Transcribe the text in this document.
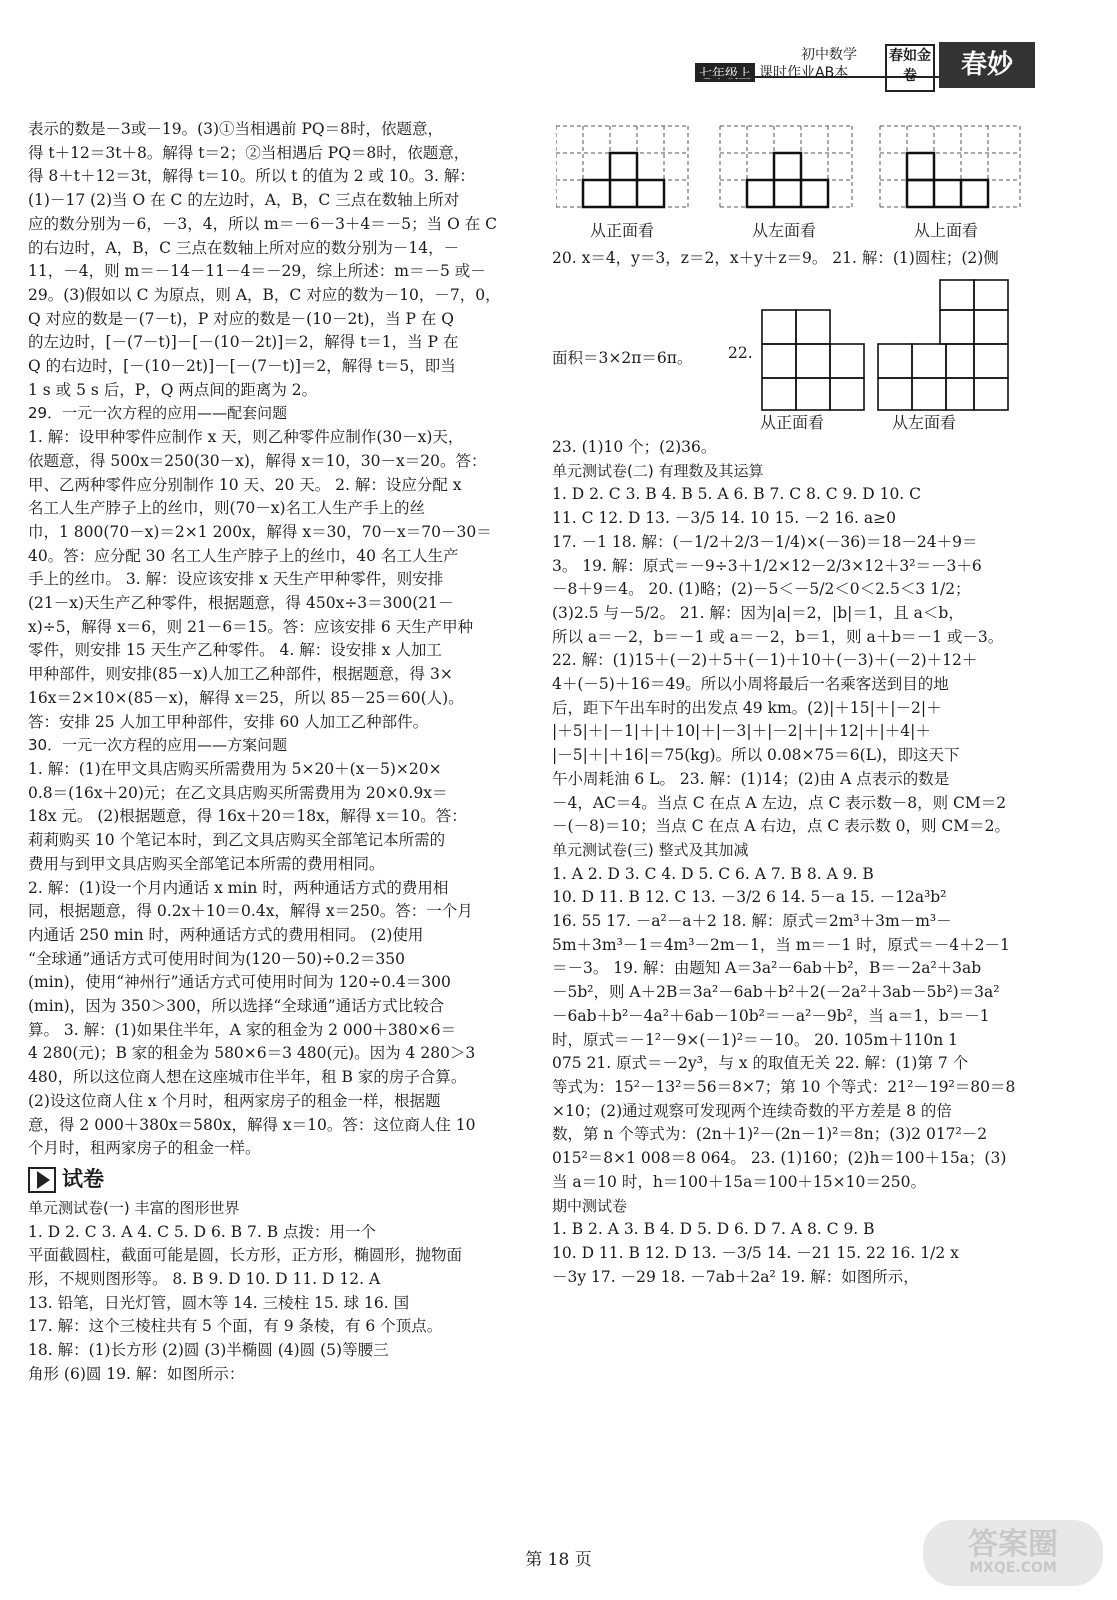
初中数学
七年级上 课时作业AB本
春如金卷	春妙

表示的数是－3或－19。(3)①当相遇前 PQ＝8时，依题意，

得 t＋12＝3t＋8。解得 t＝2；②当相遇后 PQ＝8时，依题意，

得 8＋t＋12＝3t，解得 t＝10。所以 t 的值为 2 或 10。3. 解：

(1)－17 (2)当 O 在 C 的左边时，A，B，C 三点在数轴上所对

应的数分别为－6，－3，4，所以 m＝－6－3＋4＝－5；当 O 在 C

的右边时，A，B，C 三点在数轴上所对应的数分别为－14，－

11，－4，则 m＝－14－11－4＝－29，综上所述：m＝－5 或－

29。(3)假如以 C 为原点，则 A，B，C 对应的数为－10，－7，0，

Q 对应的数是－(7－t)，P 对应的数是－(10－2t)，当 P 在 Q

的左边时，[－(7－t)]－[－(10－2t)]＝2，解得 t＝1，当 P 在

Q 的右边时，[－(10－2t)]－[－(7－t)]＝2，解得 t＝5，即当

1 s 或 5 s 后，P，Q 两点间的距离为 2。

29．一元一次方程的应用——配套问题

1. 解：设甲种零件应制作 x 天，则乙种零件应制作(30－x)天，

依题意，得 500x＝250(30－x)，解得 x＝10，30－x＝20。答：

甲、乙两种零件应分别制作 10 天、20 天。 2. 解：设应分配 x

名工人生产脖子上的丝巾，则(70－x)名工人生产手上的丝

巾，1 800(70－x)＝2×1 200x，解得 x＝30，70－x＝70－30＝

40。答：应分配 30 名工人生产脖子上的丝巾，40 名工人生产

手上的丝巾。 3. 解：设应该安排 x 天生产甲种零件，则安排

(21－x)天生产乙种零件，根据题意，得 450x÷3＝300(21－

x)÷5，解得 x＝6，则 21－6＝15。答：应该安排 6 天生产甲种

零件，则安排 15 天生产乙种零件。 4. 解：设安排 x 人加工

甲种部件，则安排(85－x)人加工乙种部件，根据题意，得 3×

16x＝2×10×(85－x)，解得 x＝25，所以 85－25＝60(人)。

答：安排 25 人加工甲种部件，安排 60 人加工乙种部件。

30．一元一次方程的应用——方案问题

1. 解：(1)在甲文具店购买所需费用为 5×20＋(x－5)×20×

0.8＝(16x＋20)元；在乙文具店购买所需费用为 20×0.9x＝

18x 元。 (2)根据题意，得 16x＋20＝18x，解得 x＝10。答：

莉莉购买 10 个笔记本时，到乙文具店购买全部笔记本所需的

费用与到甲文具店购买全部笔记本所需的费用相同。

2. 解：(1)设一个月内通话 x min 时，两种通话方式的费用相

同，根据题意，得 0.2x＋10＝0.4x，解得 x＝250。答：一个月

内通话 250 min 时，两种通话方式的费用相同。 (2)使用

“全球通”通话方式可使用时间为(120－50)÷0.2＝350

(min)，使用“神州行”通话方式可使用时间为 120÷0.4＝300

(min)，因为 350＞300，所以选择“全球通”通话方式比较合

算。 3. 解：(1)如果住半年，A 家的租金为 2 000＋380×6＝

4 280(元)；B 家的租金为 580×6＝3 480(元)。因为 4 280＞3

480，所以这位商人想在这座城市住半年，租 B 家的房子合算。

(2)设这位商人住 x 个月时，租两家房子的租金一样，根据题

意，得 2 000＋380x＝580x，解得 x＝10。答：这位商人住 10

个月时，租两家房子的租金一样。

试卷

单元测试卷(一) 丰富的图形世界

1. D 2. C 3. A 4. C 5. D 6. B 7. B 点拨：用一个

平面截圆柱，截面可能是圆，长方形，正方形，椭圆形，抛物面

形，不规则图形等。 8. B 9. D 10. D 11. D 12. A

13. 铅笔，日光灯管，圆木等 14. 三棱柱 15. 球 16. 国

17. 解：这个三棱柱共有 5 个面，有 9 条棱，有 6 个顶点。

18. 解：(1)长方形 (2)圆 (3)半椭圆 (4)圆 (5)等腰三

角形 (6)圆 19. 解：如图所示：

从正面看	从左面看	从上面看
20. x＝4，y＝3，z＝2，x＋y＋z＝9。 21. 解：(1)圆柱；(2)侧
面积＝3×2π＝6π。 22.
从正面看	从左面看

23. (1)10 个；(2)36。

单元测试卷(二) 有理数及其运算

1. D 2. C 3. B 4. B 5. A 6. B 7. C 8. C 9. D 10. C

11. C 12. D 13. －3/5 14. 10 15. －2 16. a≥0

17. －1 18. 解：(－1/2＋2/3－1/4)×(－36)＝18－24＋9＝

3。 19. 解：原式＝－9÷3＋1/2×12－2/3×12＋3²＝－3＋6

－8＋9＝4。 20. (1)略；(2)－5＜－5/2＜0＜2.5＜3 1/2；

(3)2.5 与－5/2。 21. 解：因为|a|＝2，|b|＝1，且 a＜b，

所以 a＝－2，b＝－1 或 a＝－2，b＝1，则 a＋b＝－1 或－3。

22. 解：(1)15＋(－2)＋5＋(－1)＋10＋(－3)＋(－2)＋12＋

4＋(－5)＋16＝49。所以小周将最后一名乘客送到目的地

后，距下午出车时的出发点 49 km。(2)|＋15|＋|－2|＋

|＋5|＋|－1|＋|＋10|＋|－3|＋|－2|＋|＋12|＋|＋4|＋

|－5|＋|＋16|＝75(kg)。所以 0.08×75＝6(L)，即这天下

午小周耗油 6 L。 23. 解：(1)14；(2)由 A 点表示的数是

－4，AC＝4。当点 C 在点 A 左边，点 C 表示数－8，则 CM＝2

－(－8)＝10；当点 C 在点 A 右边，点 C 表示数 0，则 CM＝2。

单元测试卷(三) 整式及其加减

1. A 2. D 3. C 4. D 5. C 6. A 7. B 8. A 9. B

10. D 11. B 12. C 13. －3/2 6 14. 5－a 15. －12a³b²

16. 55 17. －a²－a＋2 18. 解：原式＝2m³＋3m－m³－

5m＋3m³－1＝4m³－2m－1，当 m＝－1 时，原式＝－4＋2－1

＝－3。 19. 解：由题知 A＝3a²－6ab＋b²，B＝－2a²＋3ab

－5b²，则 A＋2B＝3a²－6ab＋b²＋2(－2a²＋3ab－5b²)＝3a²

－6ab＋b²－4a²＋6ab－10b²＝－a²－9b²，当 a＝1，b＝－1

时，原式＝－1²－9×(－1)²＝－10。 20. 105m＋110n 1

075 21. 原式＝－2y³，与 x 的取值无关 22. 解：(1)第 7 个

等式为：15²－13²＝56＝8×7；第 10 个等式：21²－19²＝80＝8

×10；(2)通过观察可发现两个连续奇数的平方差是 8 的倍

数，第 n 个等式为：(2n＋1)²－(2n－1)²＝8n；(3)2 017²－2

015²＝8×1 008＝8 064。 23. (1)160；(2)h＝100＋15a；(3)

当 a＝10 时，h＝100＋15a＝100＋15×10＝250。

期中测试卷

1. B 2. A 3. B 4. D 5. D 6. D 7. A 8. C 9. B

10. D 11. B 12. D 13. －3/5 14. －21 15. 22 16. 1/2 x

－3y 17. －29 18. －7ab＋2a² 19. 解：如图所示，

第 18 页	答案圈
MXQE.COM
